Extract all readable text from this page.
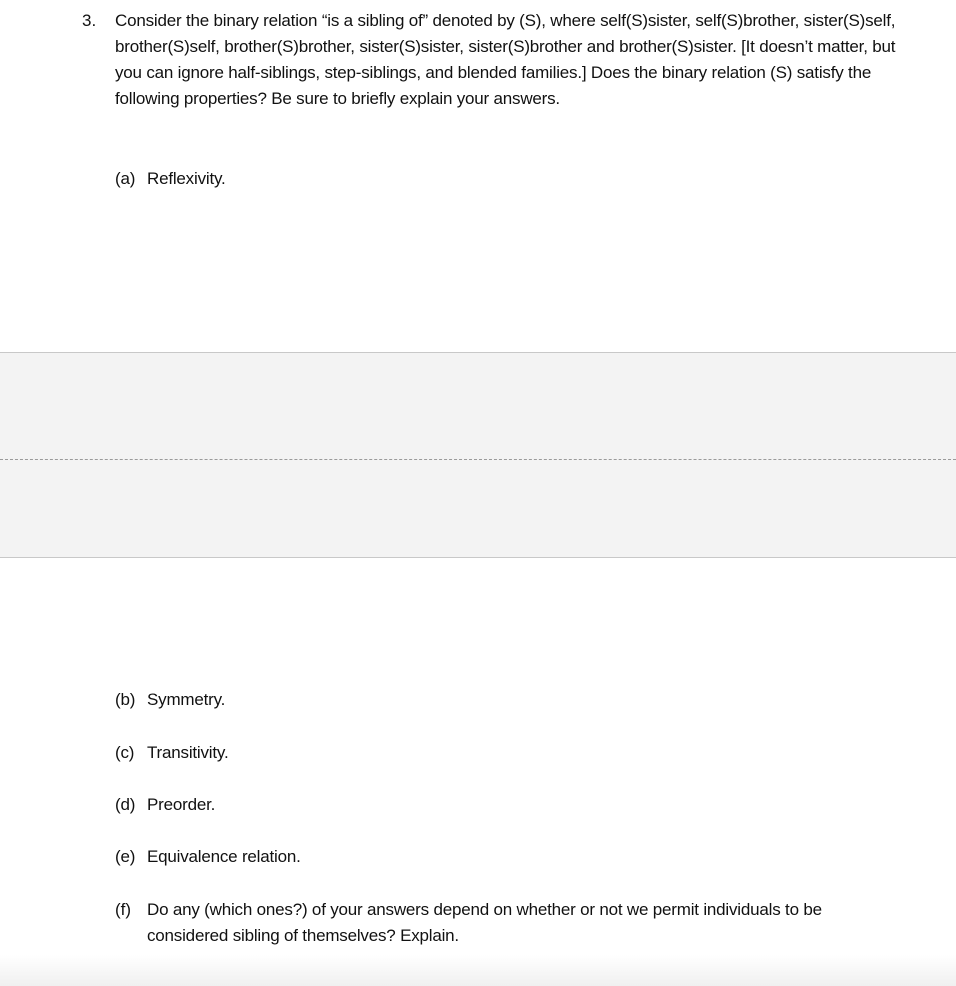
3. Consider the binary relation “is a sibling of” denoted by (S), where self(S)sister, self(S)brother, sister(S)self, brother(S)self, brother(S)brother, sister(S)sister, sister(S)brother and brother(S)sister. [It doesn’t matter, but you can ignore half-siblings, step-siblings, and blended families.] Does the binary relation (S) satisfy the following properties? Be sure to briefly explain your answers.
(a) Reflexivity.
(b) Symmetry.
(c) Transitivity.
(d) Preorder.
(e) Equivalence relation.
(f) Do any (which ones?) of your answers depend on whether or not we permit individuals to be considered sibling of themselves? Explain.
